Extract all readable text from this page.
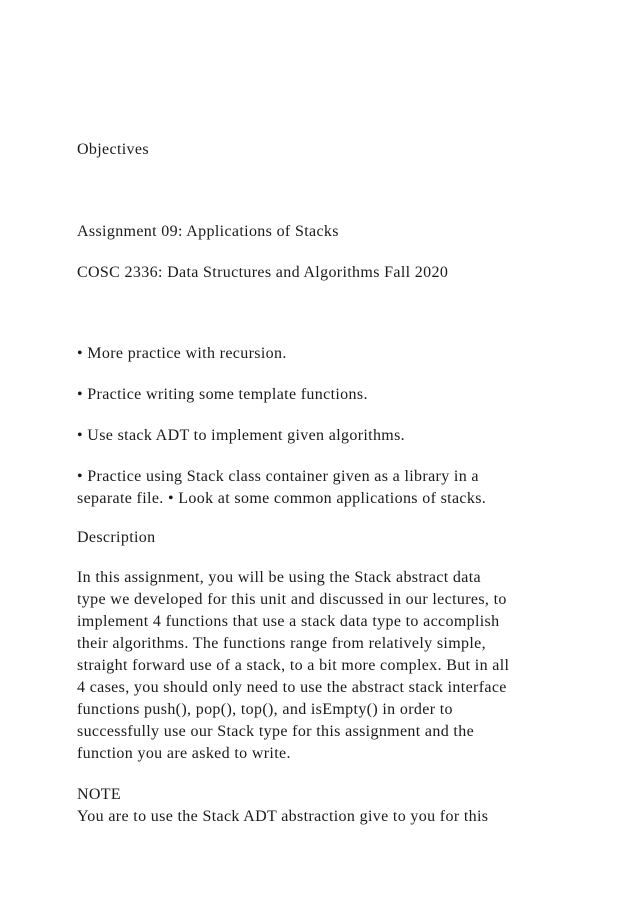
Objectives
Assignment 09: Applications of Stacks
COSC 2336: Data Structures and Algorithms Fall 2020
• More practice with recursion.
• Practice writing some template functions.
• Use stack ADT to implement given algorithms.
• Practice using Stack class container given as a library in a
separate file. • Look at some common applications of stacks.
Description
In this assignment, you will be using the Stack abstract data
type we developed for this unit and discussed in our lectures, to
implement 4 functions that use a stack data type to accomplish
their algorithms. The functions range from relatively simple,
straight forward use of a stack, to a bit more complex. But in all
4 cases, you should only need to use the abstract stack interface
functions push(), pop(), top(), and isEmpty() in order to
successfully use our Stack type for this assignment and the
function you are asked to write.
NOTE
You are to use the Stack ADT abstraction give to you for this
